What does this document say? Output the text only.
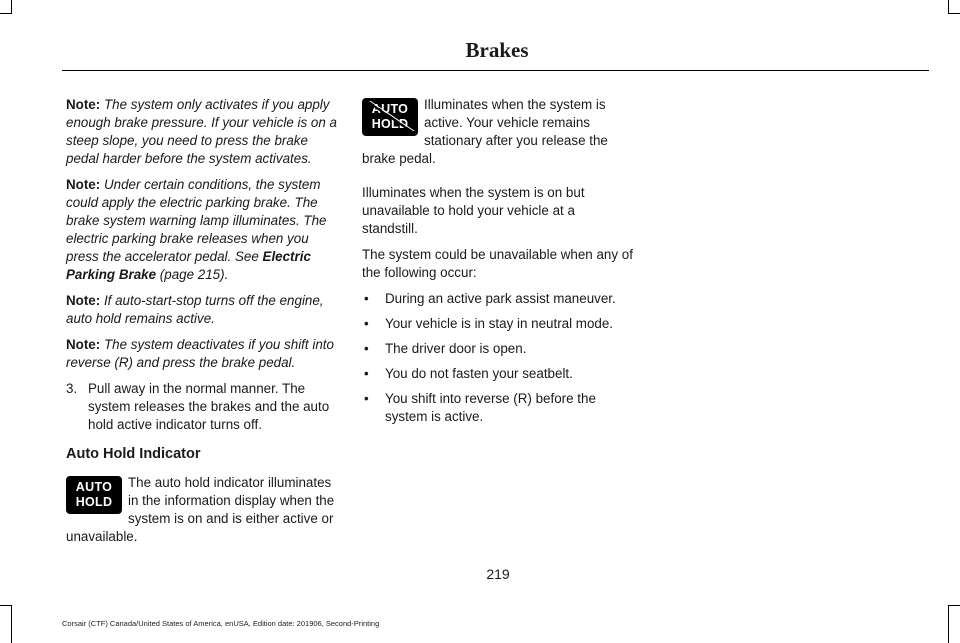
Brakes

Note: The system only activates if you apply enough brake pressure. If your vehicle is on a steep slope, you need to press the brake pedal harder before the system activates.

Note: Under certain conditions, the system could apply the electric parking brake. The brake system warning lamp illuminates. The electric parking brake releases when you press the accelerator pedal. See Electric Parking Brake (page 215).

Note: If auto-start-stop turns off the engine, auto hold remains active.

Note: The system deactivates if you shift into reverse (R) and press the brake pedal.

3. Pull away in the normal manner. The system releases the brakes and the auto hold active indicator turns off.
Auto Hold Indicator
AUTO
HOLD
The auto hold indicator illuminates in the information display when the system is on and is either active or unavailable.
AUTO
HOLD
Illuminates when the system is active. Your vehicle remains stationary after you release the brake pedal.

Illuminates when the system is on but unavailable to hold your vehicle at a standstill.

The system could be unavailable when any of the following occur:

•	During an active park assist maneuver.
•	Your vehicle is in stay in neutral mode.
•	The driver door is open.
•	You do not fasten your seatbelt.
•	You shift into reverse (R) before the system is active.
219
Corsair (CTF) Canada/United States of America, enUSA, Edition date: 201906, Second-Printing
